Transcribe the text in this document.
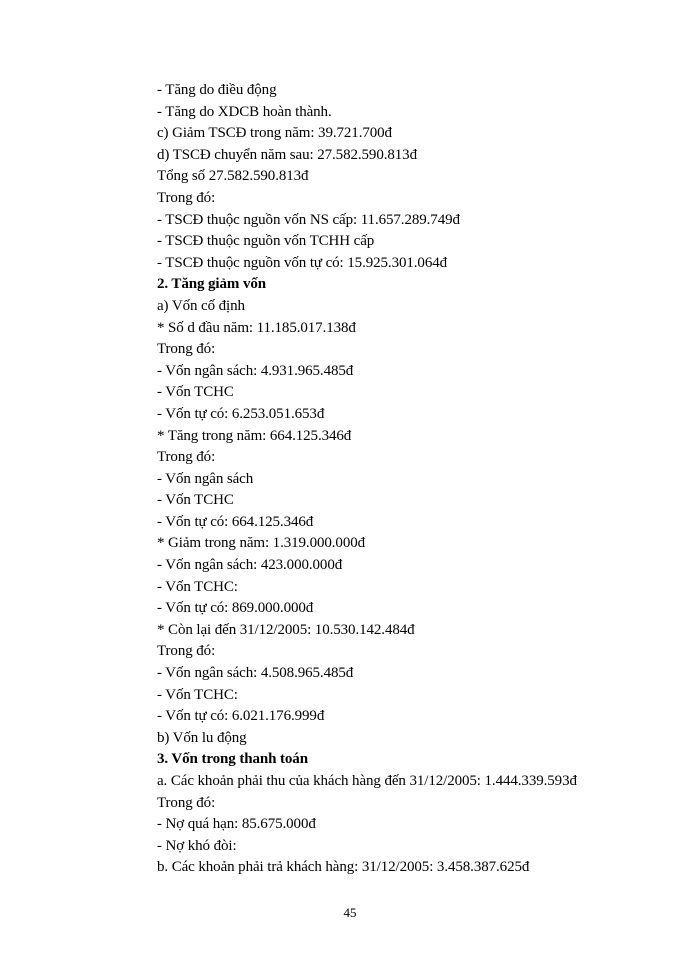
- Tăng do điều động
- Tăng do XDCB hoàn thành.
c) Giảm TSCĐ trong năm: 39.721.700đ
d) TSCĐ chuyển năm sau: 27.582.590.813đ
Tổng số 27.582.590.813đ
Trong đó:
- TSCĐ thuộc nguồn vốn NS cấp: 11.657.289.749đ
- TSCĐ thuộc nguồn vốn TCHH cấp
- TSCĐ thuộc nguồn vốn tự có: 15.925.301.064đ
2. Tăng giảm vốn
a) Vốn cố định
* Số d đầu năm: 11.185.017.138đ
Trong đó:
- Vốn ngân sách: 4.931.965.485đ
- Vốn TCHC
- Vốn tự có: 6.253.051.653đ
* Tăng trong năm: 664.125.346đ
Trong đó:
- Vốn ngân sách
- Vốn TCHC
- Vốn tự có: 664.125.346đ
* Giảm trong năm: 1.319.000.000đ
- Vốn ngân sách: 423.000.000đ
- Vốn TCHC:
- Vốn tự có: 869.000.000đ
* Còn lại đến 31/12/2005: 10.530.142.484đ
Trong đó:
- Vốn ngân sách: 4.508.965.485đ
- Vốn TCHC:
- Vốn tự có: 6.021.176.999đ
b) Vốn lu động
3. Vốn trong thanh toán
a. Các khoản phải thu của khách hàng đến 31/12/2005: 1.444.339.593đ
Trong đó:
- Nợ quá hạn: 85.675.000đ
- Nợ khó đòi:
b. Các khoản phải trả khách hàng: 31/12/2005: 3.458.387.625đ
45
